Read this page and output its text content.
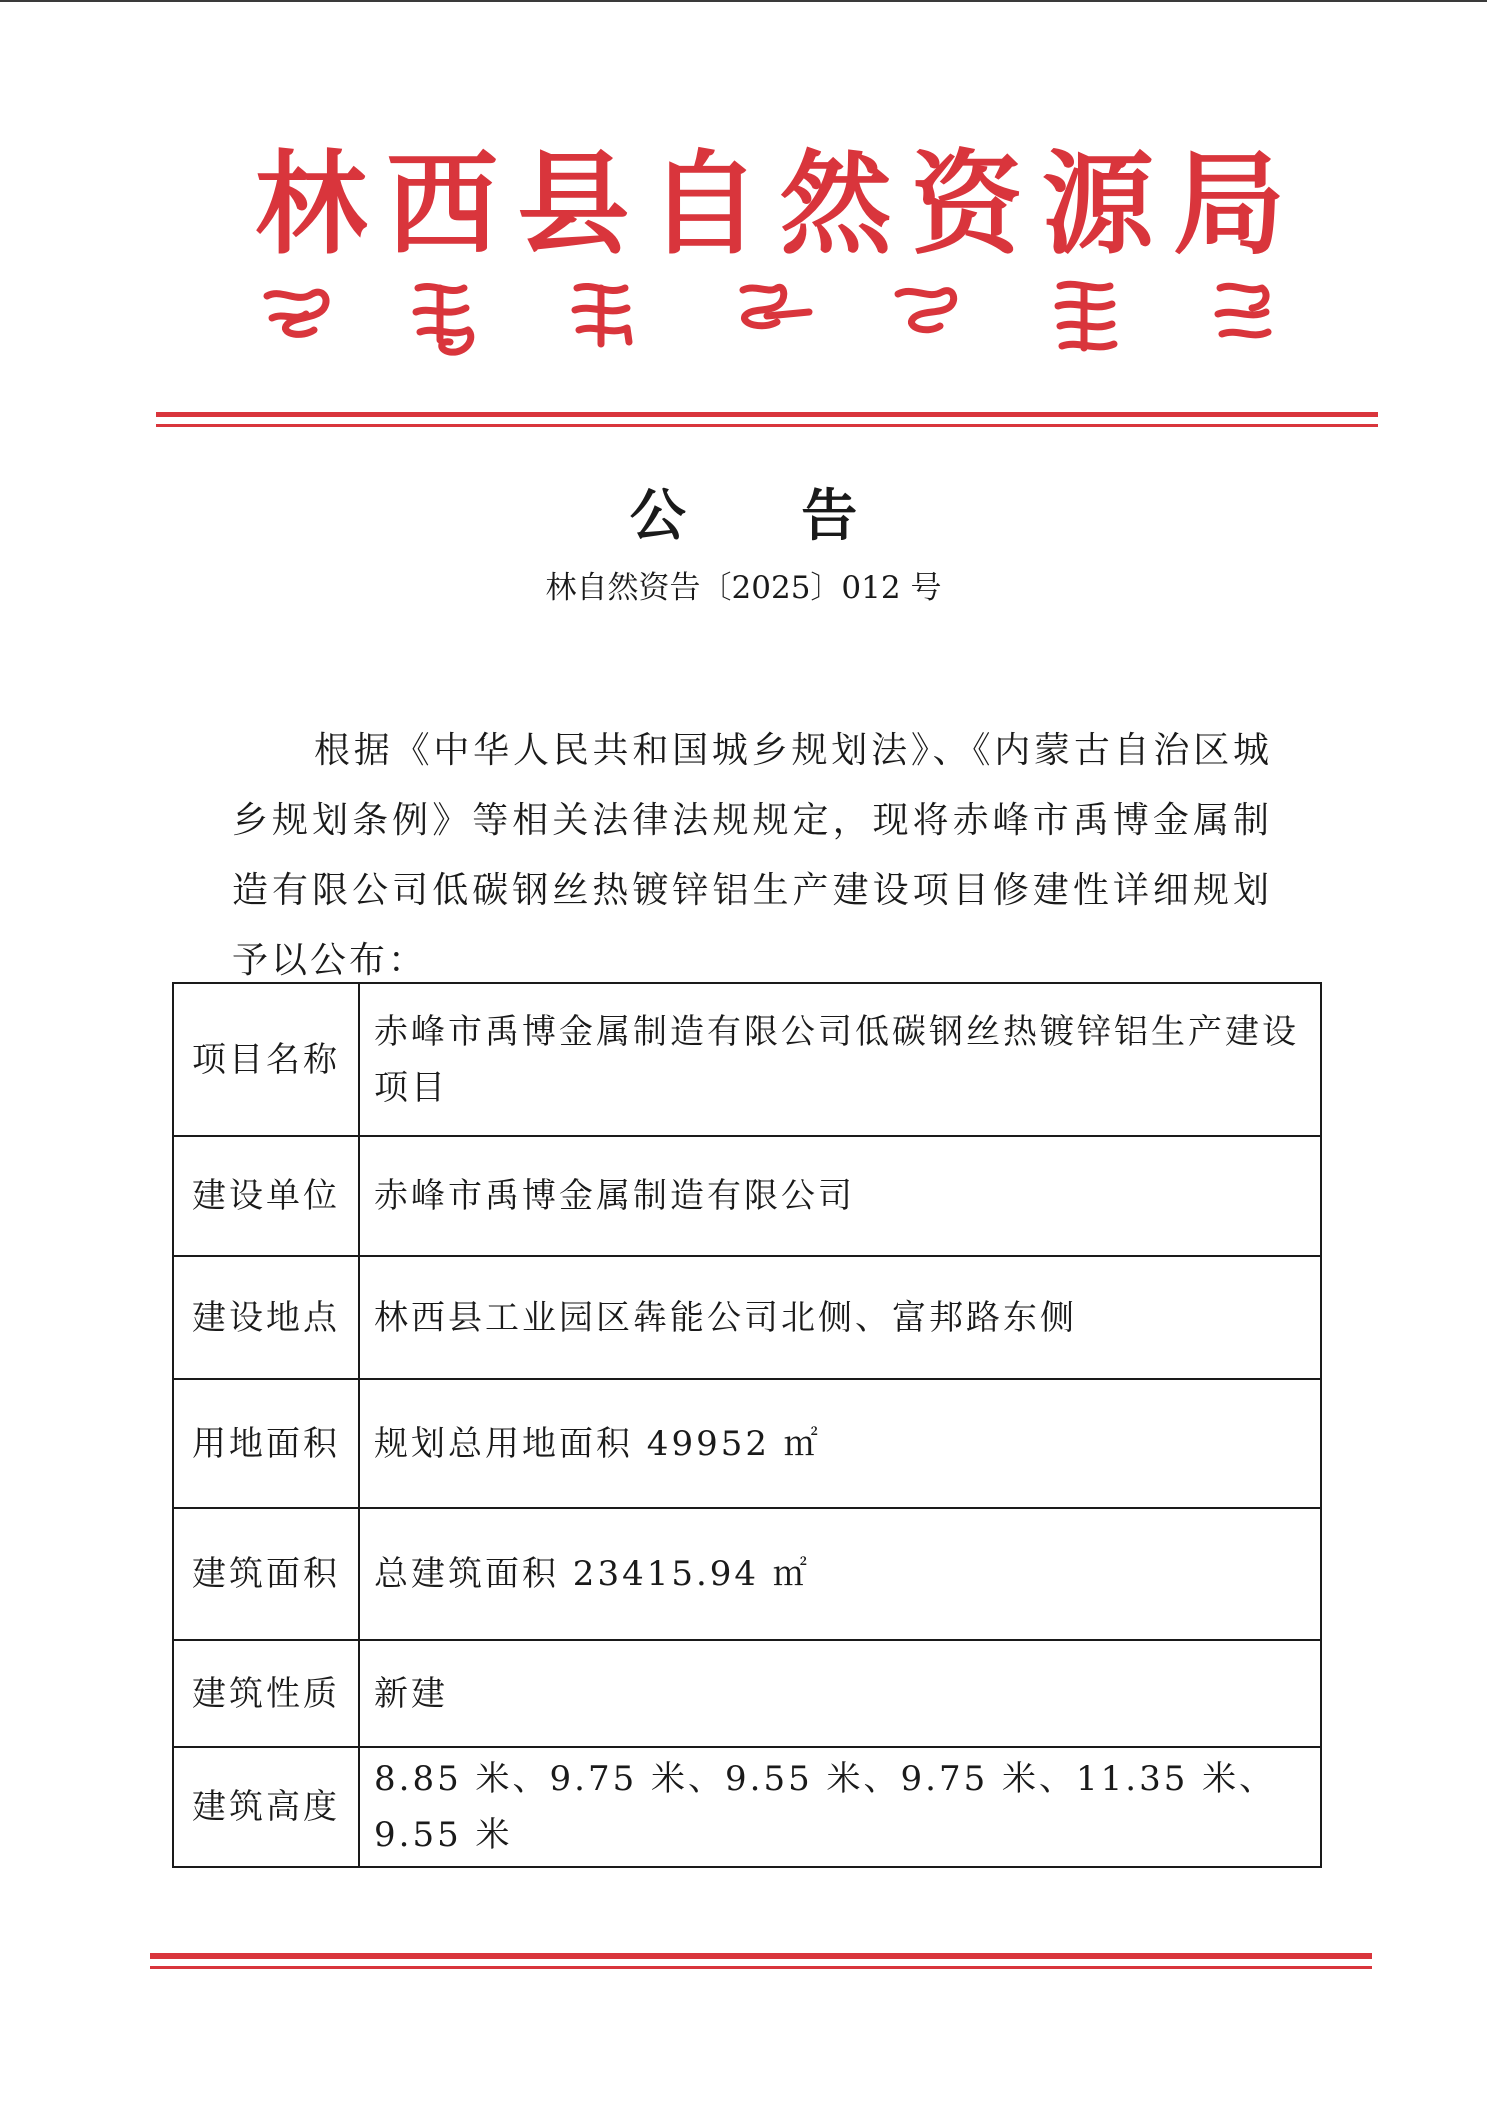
林 西 县 自 然 资 源 局
公 告
林自然资告〔2025〕012 号

根据《中华人民共和国城乡规划法》、《内蒙古自治区城乡规划条例》等相关法律法规规定，现将赤峰市禹博金属制造有限公司低碳钢丝热镀锌铝生产建设项目修建性详细规划予以公布：

项目名称	赤峰市禹博金属制造有限公司低碳钢丝热镀锌铝生产建设项目
建设单位	赤峰市禹博金属制造有限公司
建设地点	林西县工业园区犇能公司北侧、富邦路东侧
用地面积	规划总用地面积 49952 ㎡
建筑面积	总建筑面积 23415.94 ㎡
建筑性质	新建
建筑高度	8.85 米、9.75 米、9.55 米、9.75 米、11.35 米、9.55 米
